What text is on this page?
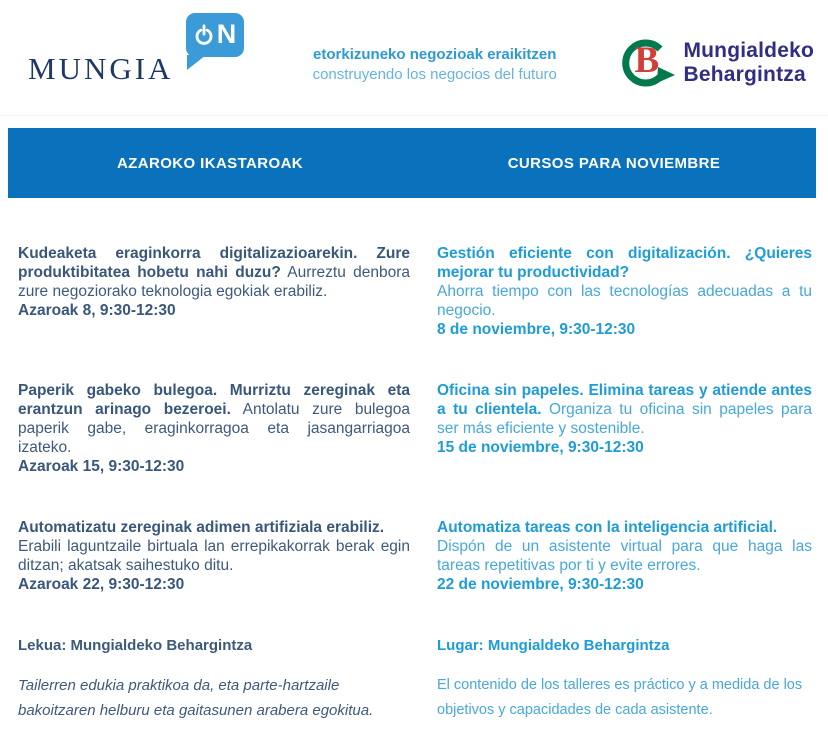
mungia
N
etorkizuneko negozioak eraikitzen
construyendo los negocios del futuro	B Mungialdeko
Behargintza
AZAROKO IKASTAROAK	CURSOS PARA NOVIEMBRE

Kudeaketa eraginkorra digitalizazioarekin. Zure produktibitatea hobetu nahi duzu? Aurreztu denbora zure negoziorako teknologia egokiak erabiliz.

Azaroak 8, 9:30-12:30

Gestión eficiente con digitalización. ¿Quieres mejorar tu productividad?

Ahorra tiempo con las tecnologías adecuadas a tu negocio.

8 de noviembre, 9:30-12:30

Paperik gabeko bulegoa. Murriztu zereginak eta erantzun arinago bezeroei. Antolatu zure bulegoa paperik gabe, eraginkorragoa eta jasangarriagoa izateko.

Azaroak 15, 9:30-12:30

Oficina sin papeles. Elimina tareas y atiende antes a tu clientela. Organiza tu oficina sin papeles para ser más eficiente y sostenible.

15 de noviembre, 9:30-12:30

Automatizatu zereginak adimen artifiziala erabiliz.

Erabili laguntzaile birtuala lan errepikakorrak berak egin ditzan; akatsak saihestuko ditu.

Azaroak 22, 9:30-12:30

Automatiza tareas con la inteligencia artificial.

Dispón de un asistente virtual para que haga las tareas repetitivas por ti y evite errores.

22 de noviembre, 9:30-12:30
Lekua: Mungialdeko Behargintza
Tailerren edukia praktikoa da, eta parte-hartzaile bakoitzaren helburu eta gaitasunen arabera egokitua.
Lugar: Mungialdeko Behargintza
El contenido de los talleres es práctico y a medida de los objetivos y capacidades de cada asistente.
